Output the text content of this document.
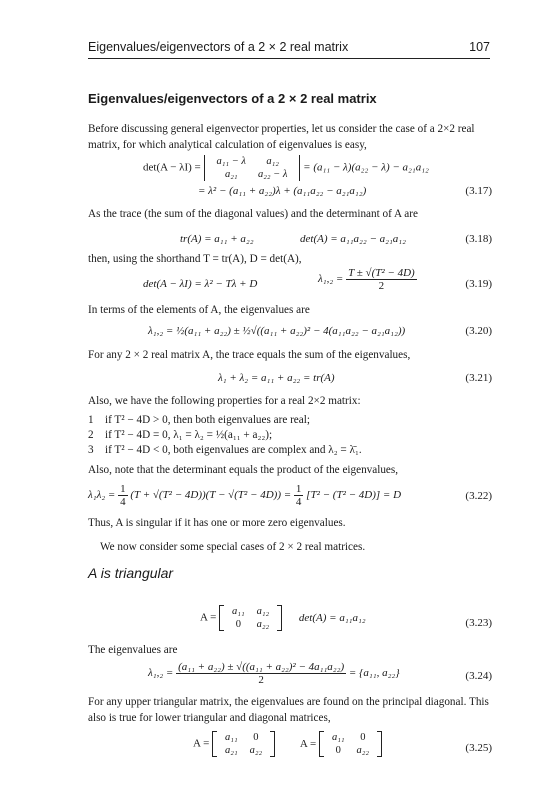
Eigenvalues/eigenvectors of a 2 × 2 real matrix	107
Eigenvalues/eigenvectors of a 2 × 2 real matrix
Before discussing general eigenvector properties, let us consider the case of a 2×2 real
matrix, for which analytical calculation of eigenvalues is easy,
det(A − λI) =
a₁₁ − λ	a₁₂
a₂₁	a₂₂ − λ
= (a₁₁ − λ)(a₂₂ − λ) − a₂₁a₁₂
= λ² − (a₁₁ + a₂₂)λ + (a₁₁a₂₂ − a₂₁a₁₂)	(3.17)
As the trace (the sum of the diagonal values) and the determinant of A are
tr(A) = a₁₁ + a₂₂	det(A) = a₁₁a₂₂ − a₂₁a₁₂	(3.18)
then, using the shorthand T = tr(A), D = det(A),
det(A − λI) = λ² − Tλ + D	$\lambda_1,_2 = \frac{\text{T ± √(T² − 4D)}}{2}$	(3.19)
In terms of the elements of A, the eigenvalues are
λ₁,₂ = ½(a₁₁ + a₂₂) ± ½√((a₁₁ + a₂₂)² − 4(a₁₁a₂₂ − a₂₁a₁₂))	(3.20)
For any 2 × 2 real matrix A, the trace equals the sum of the eigenvalues,
λ₁ + λ₂ = a₁₁ + a₂₂ = tr(A)	(3.21)
Also, we have the following properties for a real 2×2 matrix:
1	if T² − 4D > 0, then both eigenvalues are real;
2	if T² − 4D = 0, λ₁ = λ₂ = ½(a₁₁ + a₂₂);
3	if T² − 4D < 0, both eigenvalues are complex and λ₂ = λ̄₁.
Also, note that the determinant equals the product of the eigenvalues,
$\lambda_1\lambda_2 = \frac{1}{4} (T + √(T^2 - 4D))(T - √(T^2 - 4D)) = \frac{1}{4} [T^2 - (T^2 - 4D)] = D$	(3.22)
Thus, A is singular if it has one or more zero eigenvalues.
We now consider some special cases of 2 × 2 real matrices.
A is triangular
A =
a₁₁	a₁₂
0	a₂₂
det(A) = a₁₁a₁₂	(3.23)
The eigenvalues are
$\lambda_1,_2 = \frac{\text{(a₁₁ + a₂₂) ± √((a₁₁ + a₂₂)² − 4a₁₁a₂₂)}}{2} = \{a_{11}$, a₂₂}	(3.24)
For any upper triangular matrix, the eigenvalues are found on the principal diagonal. This
also is true for lower triangular and diagonal matrices,
A =
a₁₁	0
a₂₁	a₂₂
A =
a₁₁	0
0	a₂₂	(3.25)
